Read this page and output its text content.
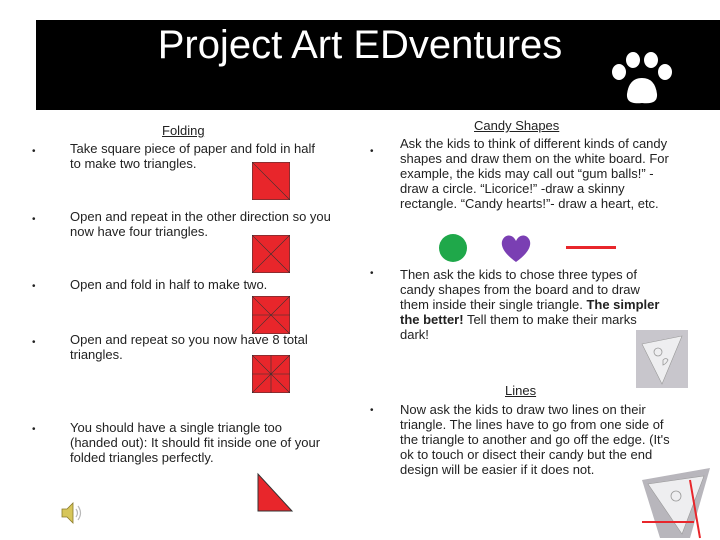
Project Art EDventures
Folding
•	Take square piece of paper and fold in half to make two triangles.
•	Open and repeat in the other direction so you now have four triangles.
•	Open and fold in half to make two.
•	Open and repeat so you now have 8 total triangles.
•	You should have a single triangle too (handed out): It should fit inside one of your folded triangles perfectly.
Candy Shapes
•
Ask the kids to think of different kinds of candy shapes and draw them on the white board. For example, the kids may call out “gum balls!” -draw a circle. “Licorice!” -draw a skinny rectangle. “Candy hearts!”- draw a heart, etc.
• Then ask the kids to chose three types of candy shapes from the board and to draw them inside their single triangle. The simpler the better! Tell them to make their marks dark!
Lines
• Now ask the kids to draw two lines on their triangle. The lines have to go from one side of the triangle to another and go off the edge. (It's ok to touch or disect their candy but the end design will be easier if it does not.
